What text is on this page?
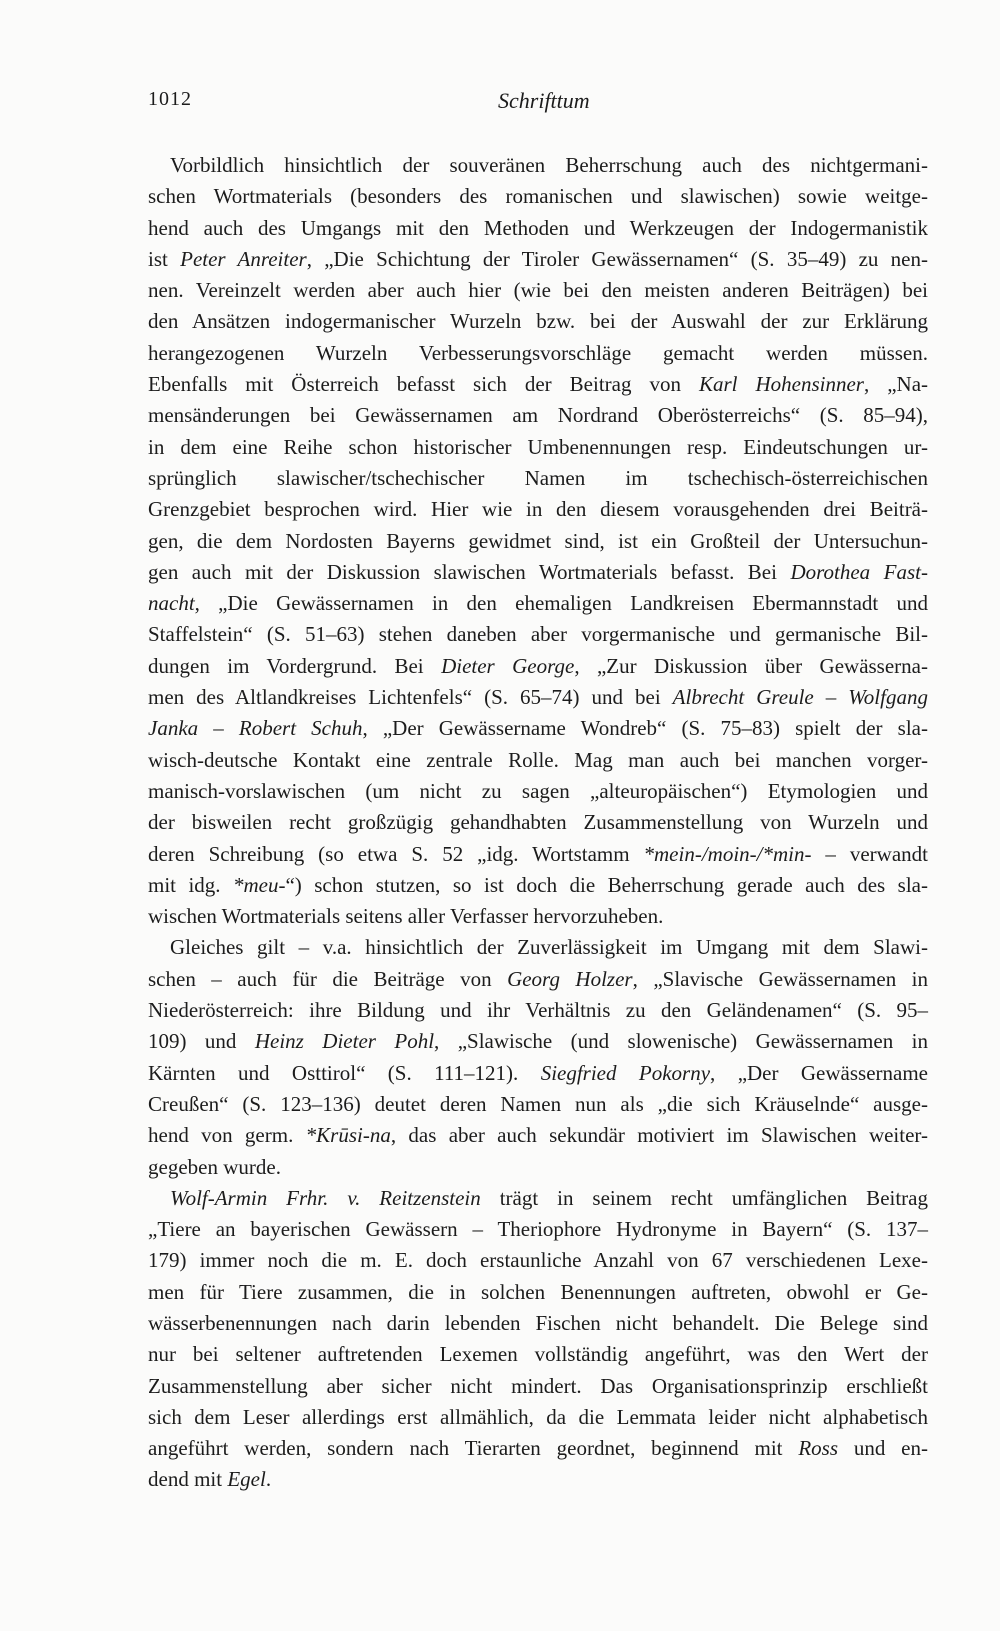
1012	Schrifttum
Vorbildlich hinsichtlich der souveränen Beherrschung auch des nichtgermani-
schen Wortmaterials (besonders des romanischen und slawischen) sowie weitge-
hend auch des Umgangs mit den Methoden und Werkzeugen der Indogermanistik
ist Peter Anreiter, „Die Schichtung der Tiroler Gewässernamen“ (S. 35–49) zu nen-
nen. Vereinzelt werden aber auch hier (wie bei den meisten anderen Beiträgen) bei
den Ansätzen indogermanischer Wurzeln bzw. bei der Auswahl der zur Erklärung
herangezogenen Wurzeln Verbesserungsvorschläge gemacht werden müssen.
Ebenfalls mit Österreich befasst sich der Beitrag von Karl Hohensinner, „Na-
mensänderungen bei Gewässernamen am Nordrand Oberösterreichs“ (S. 85–94),
in dem eine Reihe schon historischer Umbenennungen resp. Eindeutschungen ur-
sprünglich slawischer/tschechischer Namen im tschechisch-österreichischen
Grenzgebiet besprochen wird. Hier wie in den diesem vorausgehenden drei Beiträ-
gen, die dem Nordosten Bayerns gewidmet sind, ist ein Großteil der Untersuchun-
gen auch mit der Diskussion slawischen Wortmaterials befasst. Bei Dorothea Fast-
nacht, „Die Gewässernamen in den ehemaligen Landkreisen Ebermannstadt und
Staffelstein“ (S. 51–63) stehen daneben aber vorgermanische und germanische Bil-
dungen im Vordergrund. Bei Dieter George, „Zur Diskussion über Gewässerna-
men des Altlandkreises Lichtenfels“ (S. 65–74) und bei Albrecht Greule – Wolfgang
Janka – Robert Schuh, „Der Gewässername Wondreb“ (S. 75–83) spielt der sla-
wisch-deutsche Kontakt eine zentrale Rolle. Mag man auch bei manchen vorger-
manisch-vorslawischen (um nicht zu sagen „alteuropäischen“) Etymologien und
der bisweilen recht großzügig gehandhabten Zusammenstellung von Wurzeln und
deren Schreibung (so etwa S. 52 „idg. Wortstamm *mein-/moin-/*min- – verwandt
mit idg. *meu-“) schon stutzen, so ist doch die Beherrschung gerade auch des sla-
wischen Wortmaterials seitens aller Verfasser hervorzuheben.
Gleiches gilt – v.a. hinsichtlich der Zuverlässigkeit im Umgang mit dem Slawi-
schen – auch für die Beiträge von Georg Holzer, „Slavische Gewässernamen in
Niederösterreich: ihre Bildung und ihr Verhältnis zu den Geländenamen“ (S. 95–
109) und Heinz Dieter Pohl, „Slawische (und slowenische) Gewässernamen in
Kärnten und Osttirol“ (S. 111–121). Siegfried Pokorny, „Der Gewässername
Creußen“ (S. 123–136) deutet deren Namen nun als „die sich Kräuselnde“ ausge-
hend von germ. *Krūsi-na, das aber auch sekundär motiviert im Slawischen weiter-
gegeben wurde.
Wolf-Armin Frhr. v. Reitzenstein trägt in seinem recht umfänglichen Beitrag
„Tiere an bayerischen Gewässern – Theriophore Hydronyme in Bayern“ (S. 137–
179) immer noch die m. E. doch erstaunliche Anzahl von 67 verschiedenen Lexe-
men für Tiere zusammen, die in solchen Benennungen auftreten, obwohl er Ge-
wässerbenennungen nach darin lebenden Fischen nicht behandelt. Die Belege sind
nur bei seltener auftretenden Lexemen vollständig angeführt, was den Wert der
Zusammenstellung aber sicher nicht mindert. Das Organisationsprinzip erschließt
sich dem Leser allerdings erst allmählich, da die Lemmata leider nicht alphabetisch
angeführt werden, sondern nach Tierarten geordnet, beginnend mit Ross und en-
dend mit Egel.
